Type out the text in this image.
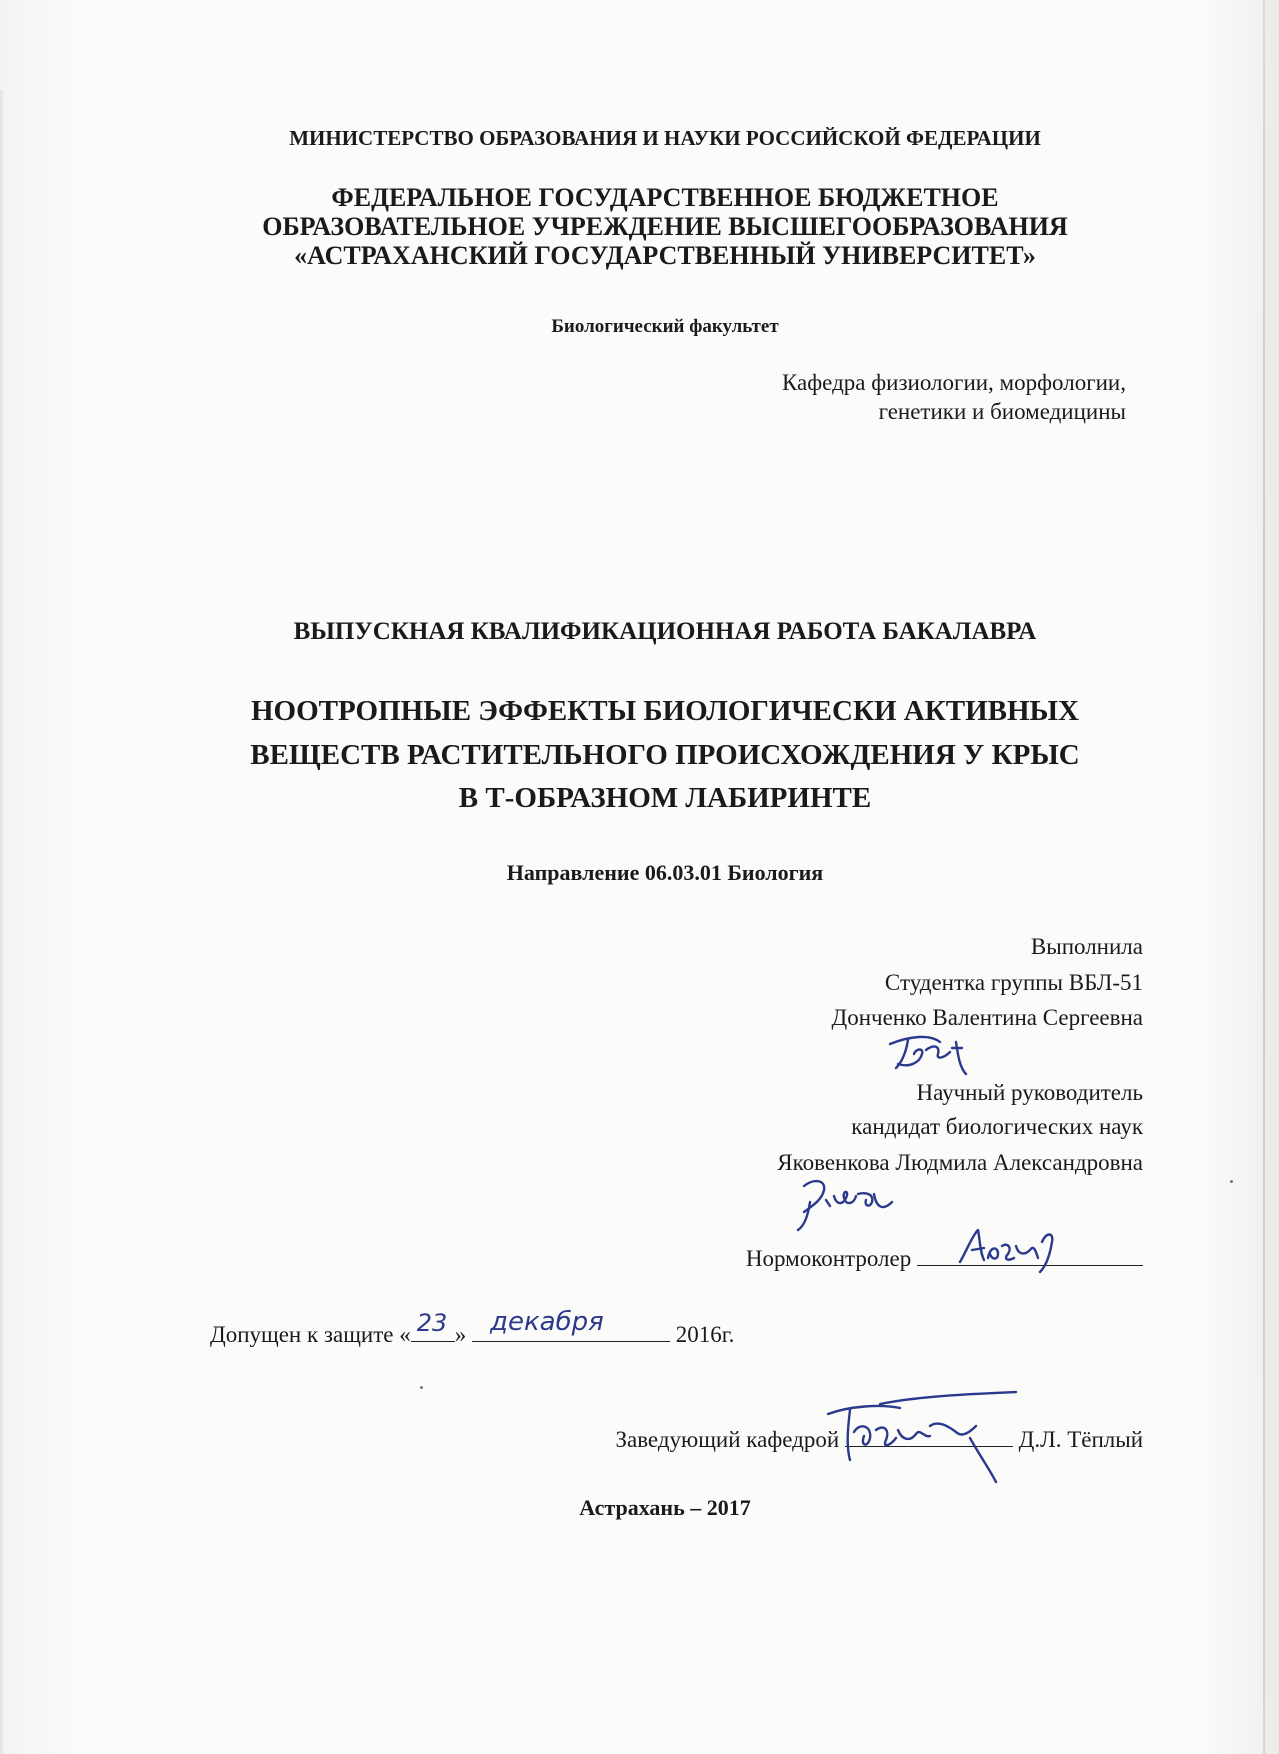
МИНИСТЕРСТВО ОБРАЗОВАНИЯ И НАУКИ РОССИЙСКОЙ ФЕДЕРАЦИИ
ФЕДЕРАЛЬНОЕ ГОСУДАРСТВЕННОЕ БЮДЖЕТНОЕ
ОБРАЗОВАТЕЛЬНОЕ УЧРЕЖДЕНИЕ ВЫСШЕГООБРАЗОВАНИЯ
«АСТРАХАНСКИЙ ГОСУДАРСТВЕННЫЙ УНИВЕРСИТЕТ»
Биологический факультет
Кафедра физиологии, морфологии,
генетики и биомедицины
ВЫПУСКНАЯ КВАЛИФИКАЦИОННАЯ РАБОТА БАКАЛАВРА
НООТРОПНЫЕ ЭФФЕКТЫ БИОЛОГИЧЕСКИ АКТИВНЫХ
ВЕЩЕСТВ РАСТИТЕЛЬНОГО ПРОИСХОЖДЕНИЯ У КРЫС
В Т-ОБРАЗНОМ ЛАБИРИНТЕ
Направление 06.03.01 Биология
Выполнила
Студентка группы ВБЛ-51
Донченко Валентина Сергеевна
Научный руководитель
кандидат биологических наук
Яковенкова Людмила Александровна
Нормоконтролер
Допущен к защите « 23 » декабря	2016г.
Заведующий кафедрой	Д.Л. Тёплый
Астрахань – 2017
